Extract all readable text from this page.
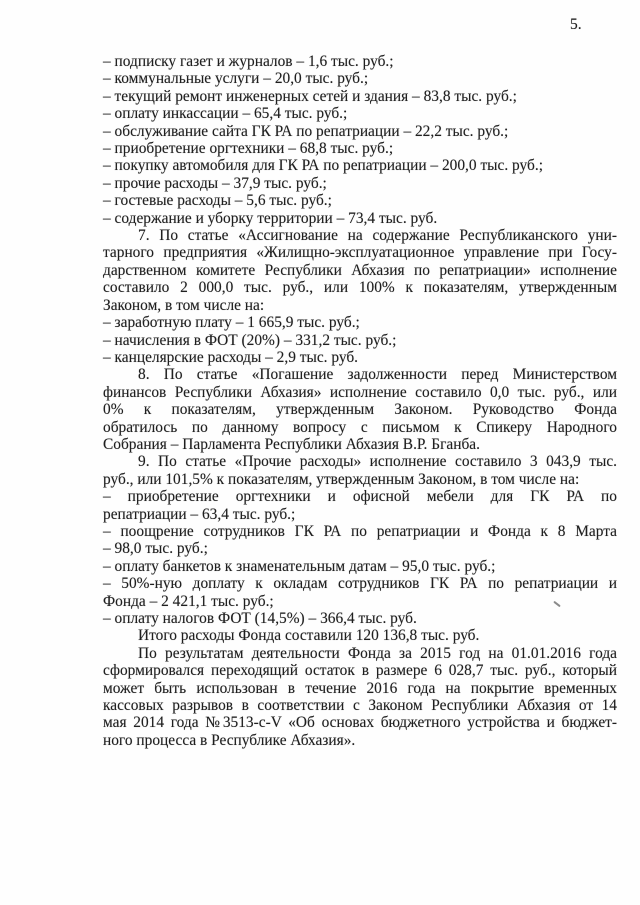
5.
– подписку газет и журналов – 1,6 тыс. руб.;
– коммунальные услуги – 20,0 тыс. руб.;
– текущий ремонт инженерных сетей и здания – 83,8 тыс. руб.;
– оплату инкассации – 65,4 тыс. руб.;
– обслуживание сайта ГК РА по репатриации – 22,2 тыс. руб.;
– приобретение оргтехники – 68,8 тыс. руб.;
– покупку автомобиля для ГК РА по репатриации – 200,0 тыс. руб.;
– прочие расходы – 37,9 тыс. руб.;
– гостевые расходы – 5,6 тыс. руб.;
– содержание и уборку территории – 73,4 тыс. руб.
7. По статье «Ассигнование на содержание Республиканского уни-
тарного предприятия «Жилищно-эксплуатационное управление при Госу-
дарственном комитете Республики Абхазия по репатриации» исполнение
составило 2 000,0 тыс. руб., или 100% к показателям, утвержденным
Законом, в том числе на:
– заработную плату – 1 665,9 тыс. руб.;
– начисления в ФОТ (20%) – 331,2 тыс. руб.;
– канцелярские расходы – 2,9 тыс. руб.
8. По статье «Погашение задолженности перед Министерством
финансов Республики Абхазия» исполнение составило 0,0 тыс. руб., или
0% к показателям, утвержденным Законом. Руководство Фонда
обратилось по данному вопросу с письмом к Спикеру Народного
Собрания – Парламента Республики Абхазия В.Р. Бганба.
9. По статье «Прочие расходы» исполнение составило 3 043,9 тыс.
руб., или 101,5% к показателям, утвержденным Законом, в том числе на:
– приобретение оргтехники и офисной мебели для ГК РА по
репатриации – 63,4 тыс. руб.;
– поощрение сотрудников ГК РА по репатриации и Фонда к 8 Марта
– 98,0 тыс. руб.;
– оплату банкетов к знаменательным датам – 95,0 тыс. руб.;
– 50%-ную доплату к окладам сотрудников ГК РА по репатриации и
Фонда – 2 421,1 тыс. руб.;
– оплату налогов ФОТ (14,5%) – 366,4 тыс. руб.
Итого расходы Фонда составили 120 136,8 тыс. руб.
По результатам деятельности Фонда за 2015 год на 01.01.2016 года
сформировался переходящий остаток в размере 6 028,7 тыс. руб., который
может быть использован в течение 2016 года на покрытие временных
кассовых разрывов в соответствии с Законом Республики Абхазия от 14
мая 2014 года №3513-с-V «Об основах бюджетного устройства и бюджет-
ного процесса в Республике Абхазия».
